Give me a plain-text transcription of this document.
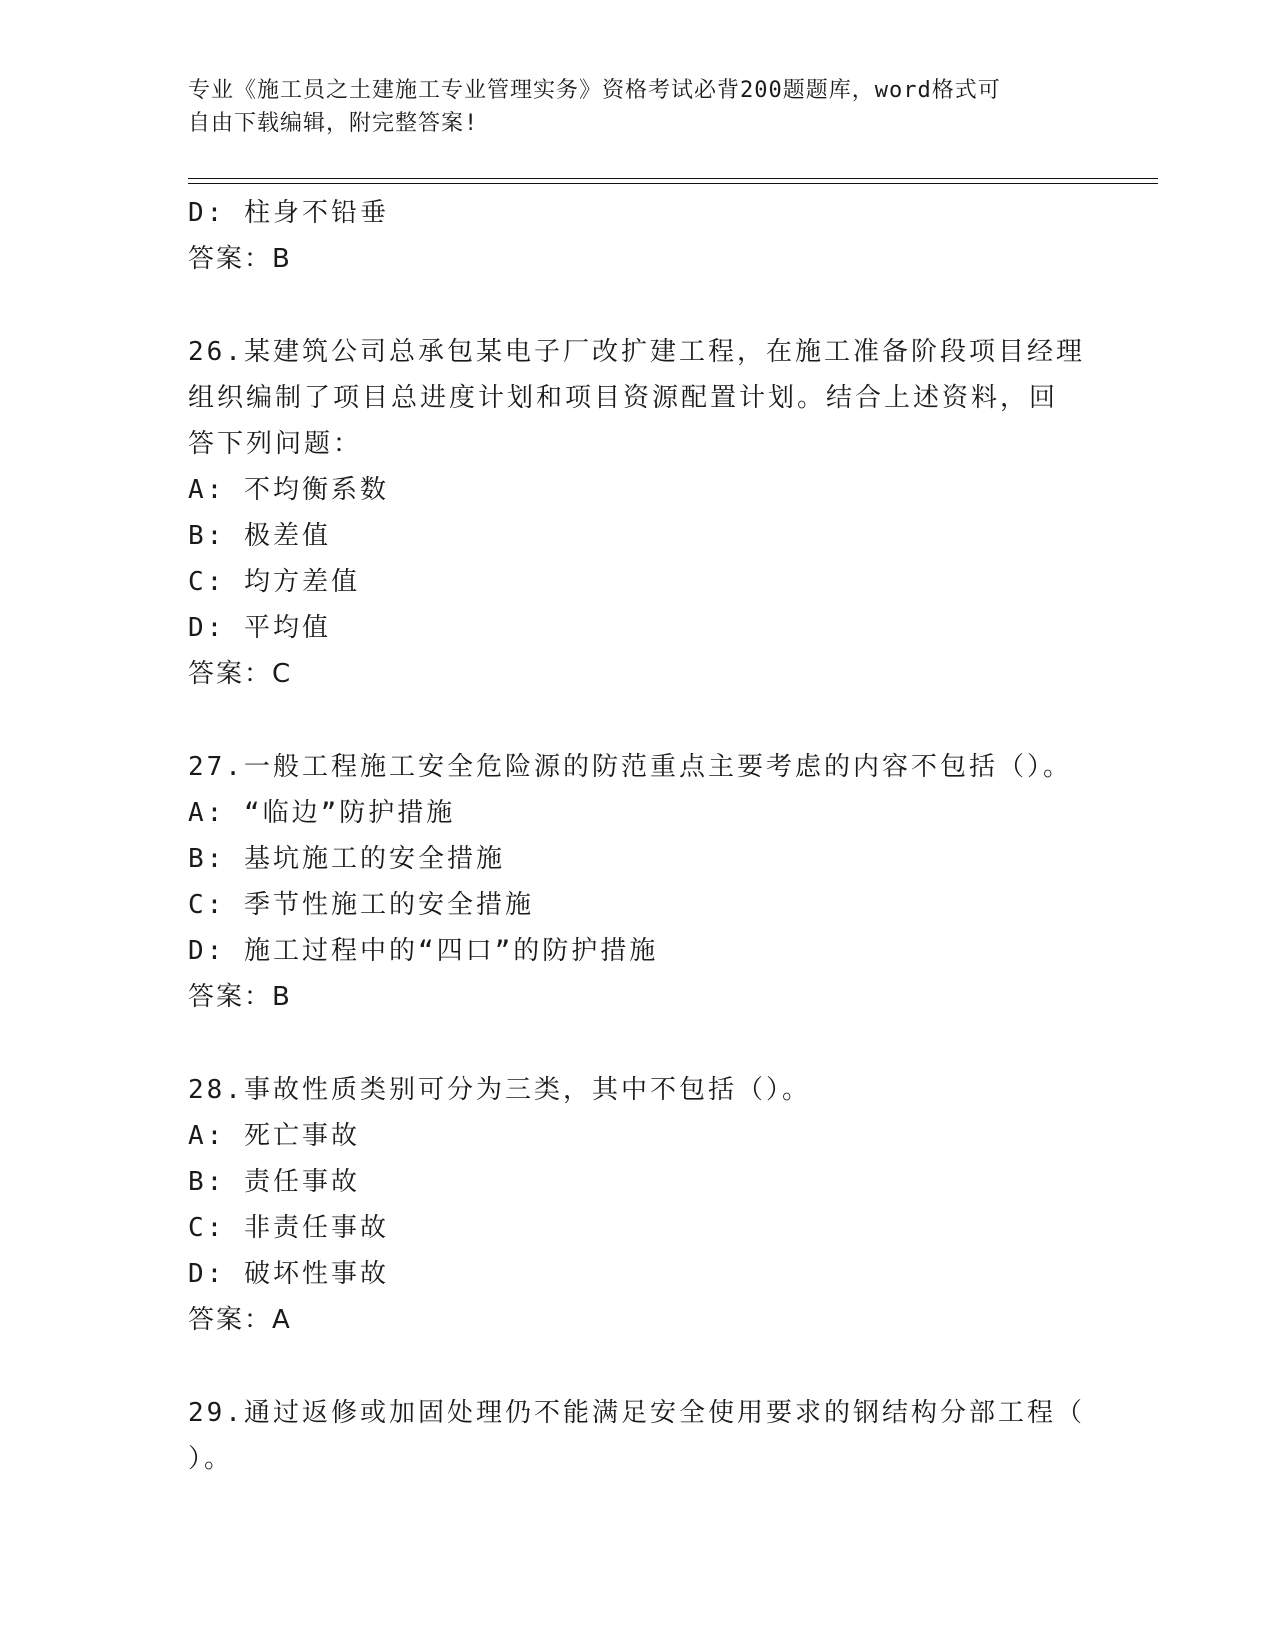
专业《施工员之土建施工专业管理实务》资格考试必背200题题库，word格式可
自由下载编辑，附完整答案!
D: 柱身不铅垂
答案：B
26.某建筑公司总承包某电子厂改扩建工程，在施工准备阶段项目经理
组织编制了项目总进度计划和项目资源配置计划。结合上述资料，回
答下列问题：
A: 不均衡系数
B: 极差值
C: 均方差值
D: 平均值
答案：C
27.一般工程施工安全危险源的防范重点主要考虑的内容不包括（）。
A: “临边”防护措施
B: 基坑施工的安全措施
C: 季节性施工的安全措施
D: 施工过程中的“四口”的防护措施
答案：B
28.事故性质类别可分为三类，其中不包括（）。
A: 死亡事故
B: 责任事故
C: 非责任事故
D: 破坏性事故
答案：A
29.通过返修或加固处理仍不能满足安全使用要求的钢结构分部工程（
）。
